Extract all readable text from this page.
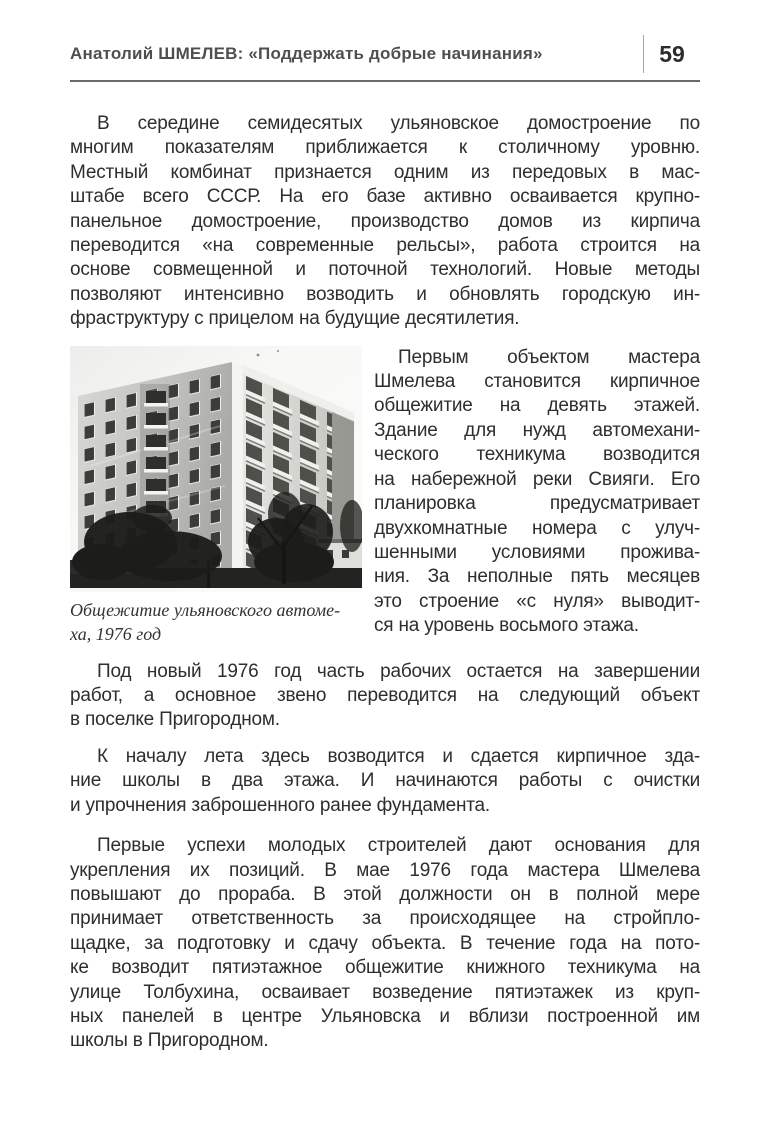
Анатолий ШМЕЛЕВ: «Поддержать добрые начинания»	59
В середине семидесятых ульяновское домостроение по
многим показателям приближается к столичному уровню.
Местный комбинат признается одним из передовых в мас-
штабе всего СССР. На его базе активно осваивается крупно-
панельное домостроение, производство домов из кирпича
переводится «на современные рельсы», работа строится на
основе совмещенной и поточной технологий. Новые методы
позволяют интенсивно возводить и обновлять городскую ин-
фраструктуру с прицелом на будущие десятилетия.
Общежитие ульяновского автоме-
ха, 1976 год
Первым объектом мастера
Шмелева становится кирпичное
общежитие на девять этажей.
Здание для нужд автомехани-
ческого техникума возводится
на набережной реки Свияги. Его
планировка предусматривает
двухкомнатные номера с улуч-
шенными условиями прожива-
ния. За неполные пять месяцев
это строение «с нуля» выводит-
ся на уровень восьмого этажа.
Под новый 1976 год часть рабочих остается на завершении
работ, а основное звено переводится на следующий объект
в поселке Пригородном.
К началу лета здесь возводится и сдается кирпичное зда-
ние школы в два этажа. И начинаются работы с очистки
и упрочнения заброшенного ранее фундамента.
Первые успехи молодых строителей дают основания для
укрепления их позиций. В мае 1976 года мастера Шмелева
повышают до прораба. В этой должности он в полной мере
принимает ответственность за происходящее на стройпло-
щадке, за подготовку и сдачу объекта. В течение года на пото-
ке возводит пятиэтажное общежитие книжного техникума на
улице Толбухина, осваивает возведение пятиэтажек из круп-
ных панелей в центре Ульяновска и вблизи построенной им
школы в Пригородном.
